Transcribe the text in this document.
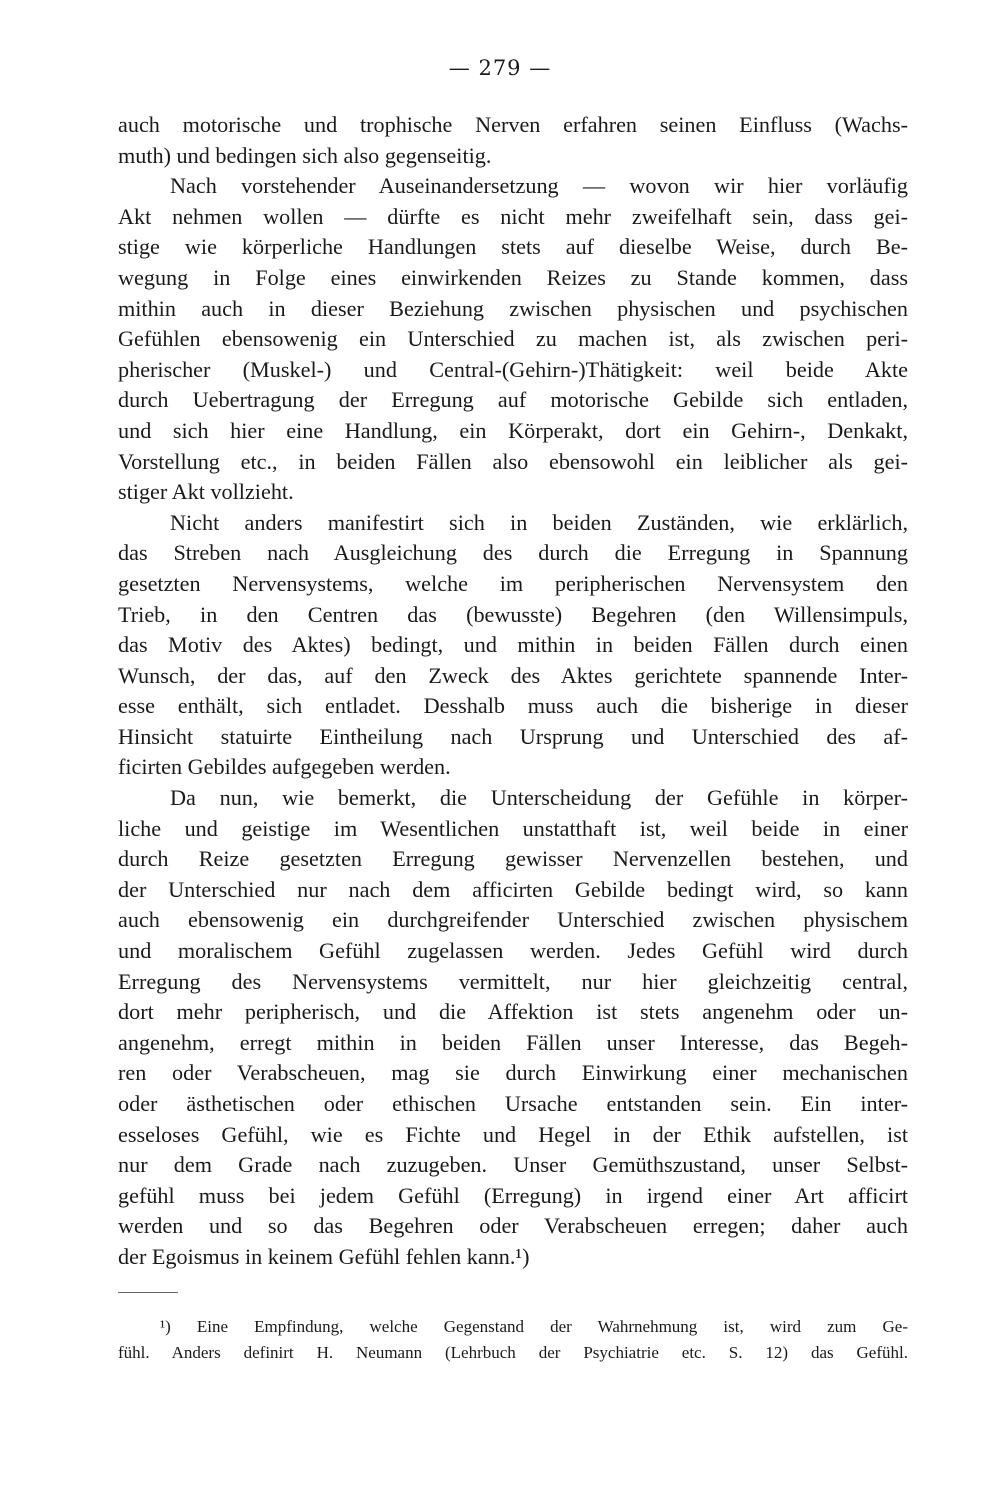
— 279 —
auch motorische und trophische Nerven erfahren seinen Einfluss (Wachs-
muth) und bedingen sich also gegenseitig.
Nach vorstehender Auseinandersetzung — wovon wir hier vorläufig
Akt nehmen wollen — dürfte es nicht mehr zweifelhaft sein, dass gei-
stige wie körperliche Handlungen stets auf dieselbe Weise, durch Be-
wegung in Folge eines einwirkenden Reizes zu Stande kommen, dass
mithin auch in dieser Beziehung zwischen physischen und psychischen
Gefühlen ebensowenig ein Unterschied zu machen ist, als zwischen peri-
pherischer (Muskel-) und Central-(Gehirn-)Thätigkeit: weil beide Akte
durch Uebertragung der Erregung auf motorische Gebilde sich entladen,
und sich hier eine Handlung, ein Körperakt, dort ein Gehirn-, Denkakt,
Vorstellung etc., in beiden Fällen also ebensowohl ein leiblicher als gei-
stiger Akt vollzieht.
Nicht anders manifestirt sich in beiden Zuständen, wie erklärlich,
das Streben nach Ausgleichung des durch die Erregung in Spannung
gesetzten Nervensystems, welche im peripherischen Nervensystem den
Trieb, in den Centren das (bewusste) Begehren (den Willensimpuls,
das Motiv des Aktes) bedingt, und mithin in beiden Fällen durch einen
Wunsch, der das, auf den Zweck des Aktes gerichtete spannende Inter-
esse enthält, sich entladet. Desshalb muss auch die bisherige in dieser
Hinsicht statuirte Eintheilung nach Ursprung und Unterschied des af-
ficirten Gebildes aufgegeben werden.
Da nun, wie bemerkt, die Unterscheidung der Gefühle in körper-
liche und geistige im Wesentlichen unstatthaft ist, weil beide in einer
durch Reize gesetzten Erregung gewisser Nervenzellen bestehen, und
der Unterschied nur nach dem afficirten Gebilde bedingt wird, so kann
auch ebensowenig ein durchgreifender Unterschied zwischen physischem
und moralischem Gefühl zugelassen werden. Jedes Gefühl wird durch
Erregung des Nervensystems vermittelt, nur hier gleichzeitig central,
dort mehr peripherisch, und die Affektion ist stets angenehm oder un-
angenehm, erregt mithin in beiden Fällen unser Interesse, das Begeh-
ren oder Verabscheuen, mag sie durch Einwirkung einer mechanischen
oder ästhetischen oder ethischen Ursache entstanden sein. Ein inter-
esseloses Gefühl, wie es Fichte und Hegel in der Ethik aufstellen, ist
nur dem Grade nach zuzugeben. Unser Gemüthszustand, unser Selbst-
gefühl muss bei jedem Gefühl (Erregung) in irgend einer Art afficirt
werden und so das Begehren oder Verabscheuen erregen; daher auch
der Egoismus in keinem Gefühl fehlen kann.¹)
¹) Eine Empfindung, welche Gegenstand der Wahrnehmung ist, wird zum Ge-
fühl. Anders definirt H. Neumann (Lehrbuch der Psychiatrie etc. S. 12) das Gefühl.
